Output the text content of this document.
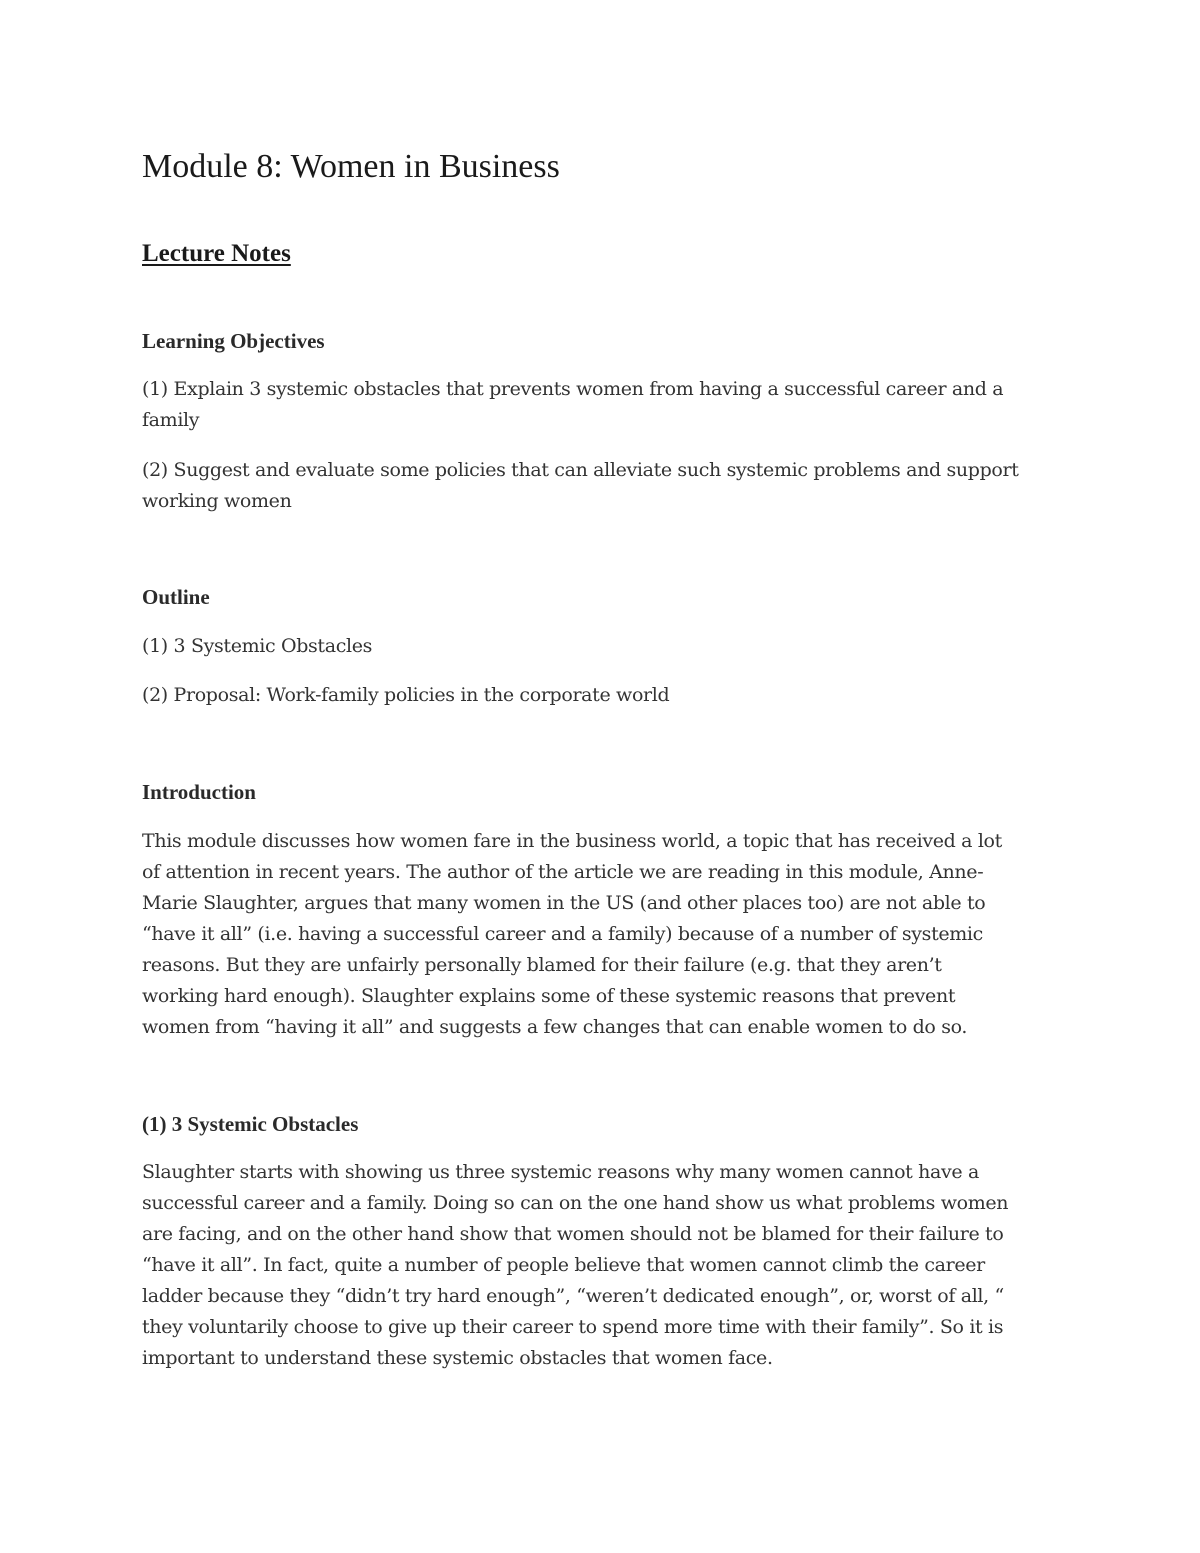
Module 8: Women in Business
Lecture Notes
Learning Objectives

(1) Explain 3 systemic obstacles that prevents women from having a successful career and a
family

(2) Suggest and evaluate some policies that can alleviate such systemic problems and support
working women

Outline

(1) 3 Systemic Obstacles

(2) Proposal: Work-family policies in the corporate world

Introduction

This module discusses how women fare in the business world, a topic that has received a lot
of attention in recent years. The author of the article we are reading in this module, Anne-
Marie Slaughter, argues that many women in the US (and other places too) are not able to
“have it all” (i.e. having a successful career and a family) because of a number of systemic
reasons. But they are unfairly personally blamed for their failure (e.g. that they aren’t
working hard enough). Slaughter explains some of these systemic reasons that prevent
women from “having it all” and suggests a few changes that can enable women to do so.

(1) 3 Systemic Obstacles

Slaughter starts with showing us three systemic reasons why many women cannot have a
successful career and a family. Doing so can on the one hand show us what problems women
are facing, and on the other hand show that women should not be blamed for their failure to
“have it all”. In fact, quite a number of people believe that women cannot climb the career
ladder because they “didn’t try hard enough”, “weren’t dedicated enough”, or, worst of all, “
they voluntarily choose to give up their career to spend more time with their family”. So it is
important to understand these systemic obstacles that women face.
